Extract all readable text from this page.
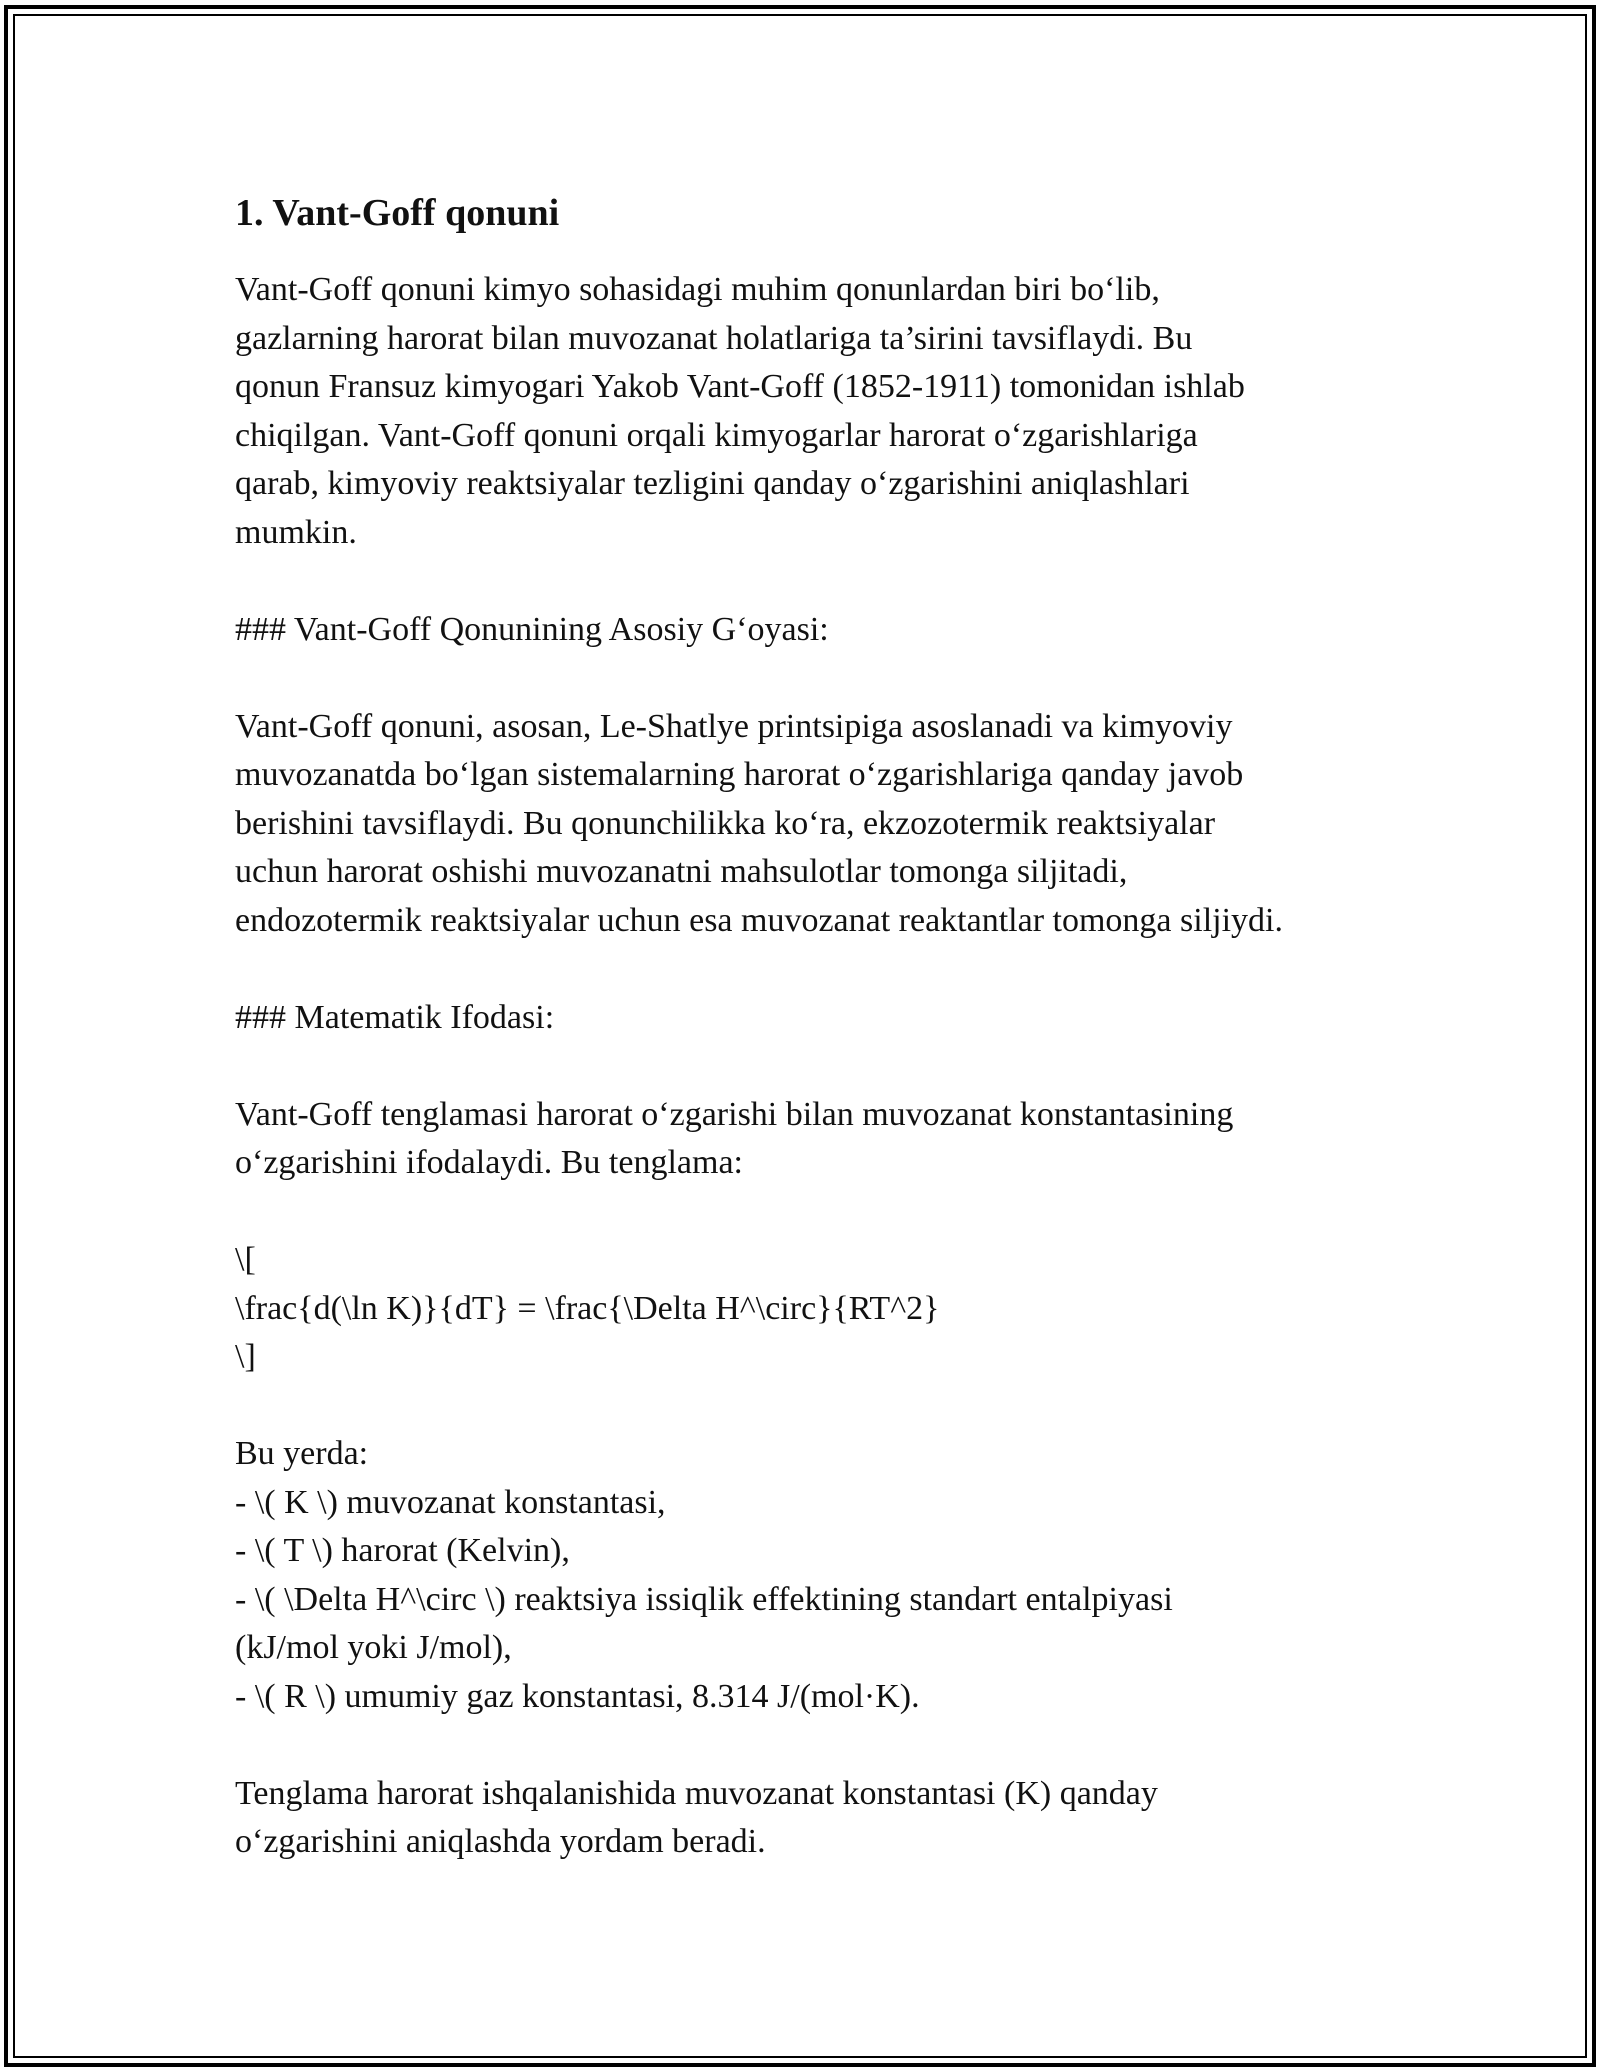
1. Vant-Goff qonuni
Vant-Goff qonuni kimyo sohasidagi muhim qonunlardan biri bo‘lib,
gazlarning harorat bilan muvozanat holatlariga ta’sirini tavsiflaydi. Bu
qonun Fransuz kimyogari Yakob Vant-Goff (1852-1911) tomonidan ishlab
chiqilgan. Vant-Goff qonuni orqali kimyogarlar harorat o‘zgarishlariga
qarab, kimyoviy reaktsiyalar tezligini qanday o‘zgarishini aniqlashlari
mumkin.
### Vant-Goff Qonunining Asosiy G‘oyasi:
Vant-Goff qonuni, asosan, Le-Shatlye printsipiga asoslanadi va kimyoviy
muvozanatda bo‘lgan sistemalarning harorat o‘zgarishlariga qanday javob
berishini tavsiflaydi. Bu qonunchilikka ko‘ra, ekzozotermik reaktsiyalar
uchun harorat oshishi muvozanatni mahsulotlar tomonga siljitadi,
endozotermik reaktsiyalar uchun esa muvozanat reaktantlar tomonga siljiydi.
### Matematik Ifodasi:
Vant-Goff tenglamasi harorat o‘zgarishi bilan muvozanat konstantasining
o‘zgarishini ifodalaydi. Bu tenglama:
\[
\frac{d(\ln K)}{dT} = \frac{\Delta H^\circ}{RT^2}
\]
Bu yerda:
- \( K \) muvozanat konstantasi,
- \( T \) harorat (Kelvin),
- \( \Delta H^\circ \) reaktsiya issiqlik effektining standart entalpiyasi
(kJ/mol yoki J/mol),
- \( R \) umumiy gaz konstantasi, 8.314 J/(mol·K).
Tenglama harorat ishqalanishida muvozanat konstantasi (K) qanday
o‘zgarishini aniqlashda yordam beradi.
